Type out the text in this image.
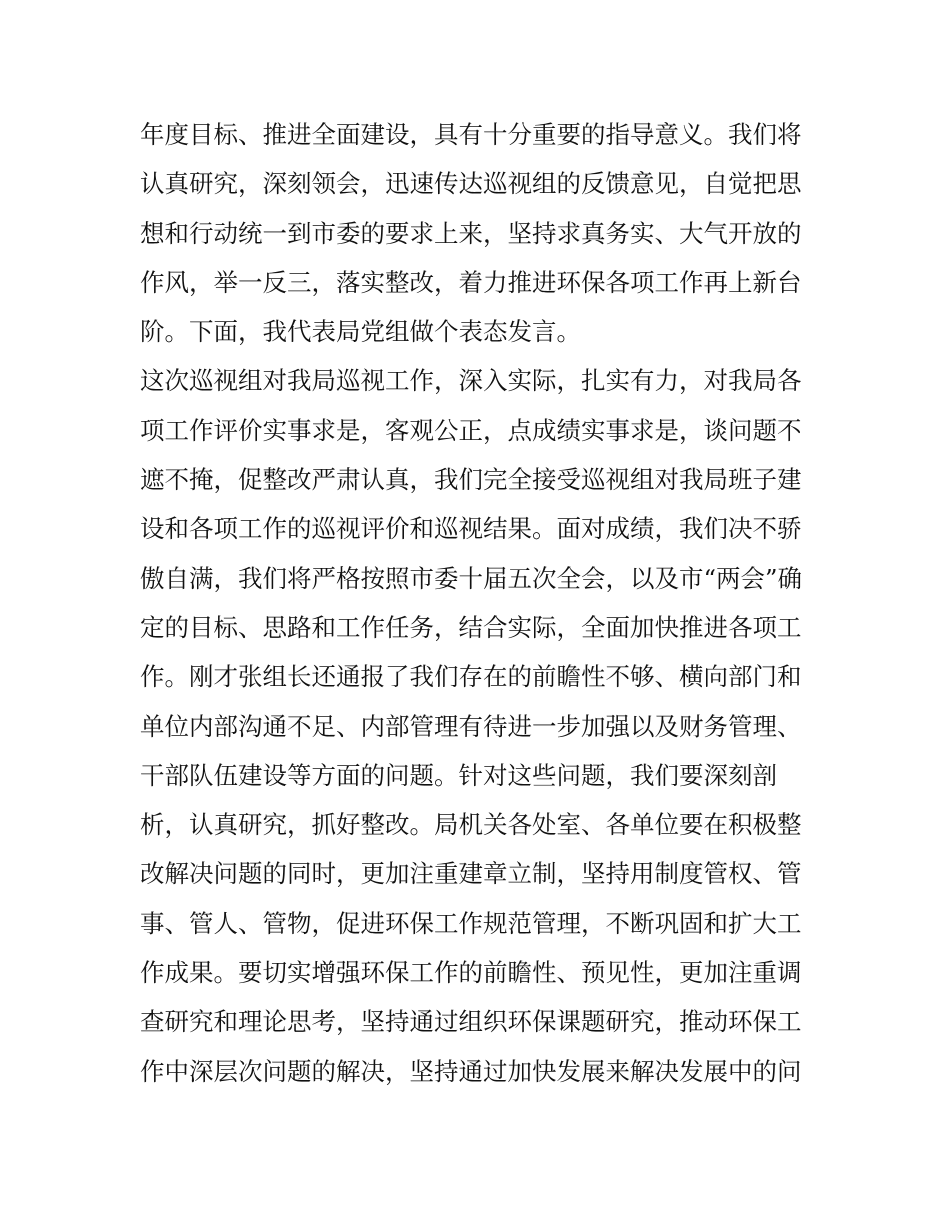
年度目标、推进全面建设，具有十分重要的指导意义。我们将
认真研究，深刻领会，迅速传达巡视组的反馈意见，自觉把思
想和行动统一到市委的要求上来，坚持求真务实、大气开放的
作风，举一反三，落实整改，着力推进环保各项工作再上新台
阶。下面，我代表局党组做个表态发言。
这次巡视组对我局巡视工作，深入实际，扎实有力，对我局各
项工作评价实事求是，客观公正，点成绩实事求是，谈问题不
遮不掩，促整改严肃认真，我们完全接受巡视组对我局班子建
设和各项工作的巡视评价和巡视结果。面对成绩，我们决不骄
傲自满，我们将严格按照市委十届五次全会，以及市“两会”确
定的目标、思路和工作任务，结合实际，全面加快推进各项工
作。刚才张组长还通报了我们存在的前瞻性不够、横向部门和
单位内部沟通不足、内部管理有待进一步加强以及财务管理、
干部队伍建设等方面的问题。针对这些问题，我们要深刻剖
析，认真研究，抓好整改。局机关各处室、各单位要在积极整
改解决问题的同时，更加注重建章立制，坚持用制度管权、管
事、管人、管物，促进环保工作规范管理，不断巩固和扩大工
作成果。要切实增强环保工作的前瞻性、预见性，更加注重调
查研究和理论思考，坚持通过组织环保课题研究，推动环保工
作中深层次问题的解决，坚持通过加快发展来解决发展中的问
